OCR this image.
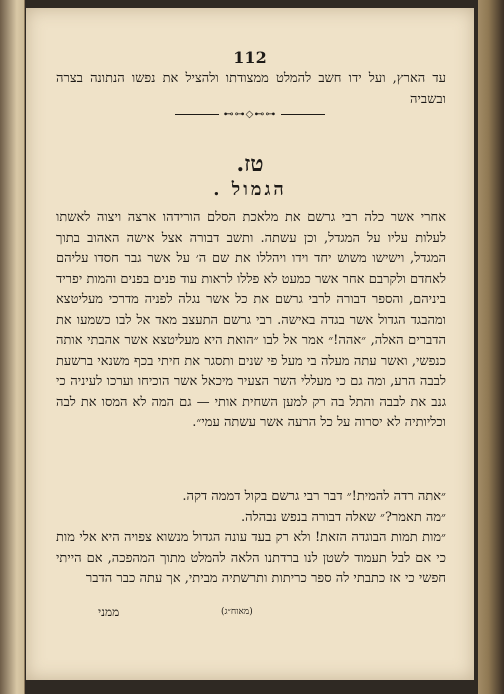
112

עד הארץ, ועל ידו חשב להמלט ממצודתו ולהציל את נפשו הנתונה בצרה ובשביה

⊷⊶◇⊷⊶
טז.
הגמול .

אחרי אשר כלה רבי גרשם את מלאכת הסלם הורידהו ארצה ויצוה לאשתו לעלות עליו על המגדל, וכן עשתה. ותשב דבורה אצל אישה האהוב בתוך המגדל, וישישו משוש יחד וידו ויהללו את שם ה׳ על אשר גבר חסדו עליהם לאחדם ולקרבם אחר אשר כמעט לא פללו לראות עוד פנים בפנים והמות יפריד ביניהם, והספר דבורה לרבי גרשם את כל אשר נגלה לפניה מדרכי מעליטצא ומהבגד הגדול אשר בגדה באישה. רבי גרשם התעצב מאד אל לבו כשמעו את הדברים האלה, ״אהה!״ אמר אל לבו ״הואת היא מעליטצא אשר אהבתי אותה כנפשי, ואשר עתה מעלה בי מעל פי שנים ותסגר את חיתי בכף משנאי ברשעת לבבה הרע, ומה גם כי מעללי השר הצעיר מיכאל אשר הוכיחו וערכו לעיניה כי גנב את לבבה והתל בה רק למען השחית אותי — גם המה לא המסו את לבה וכליותיה לא יסרוה על כל הרעה אשר עשתה עמי״.

״אתה רדה להמית!״ דבר רבי גרשם בקול דממה דקה.

״מה תאמר?״ שאלה דבורה בנפש נבהלה.

״מות תמות הבוגדה הזאת! ולא רק בעד עונה הגדול מנשוא צפויה היא אלי מות כי אם לבל תעמוד לשטן לנו ברדתנו הלאה להמלט מתוך המהפכה, אם הייתי חפשי כי אז כתבתי לה ספר כריתות ותרשתיה מביתי, אך עתה כבר הדבר

(מאוח״ג)
ממני
